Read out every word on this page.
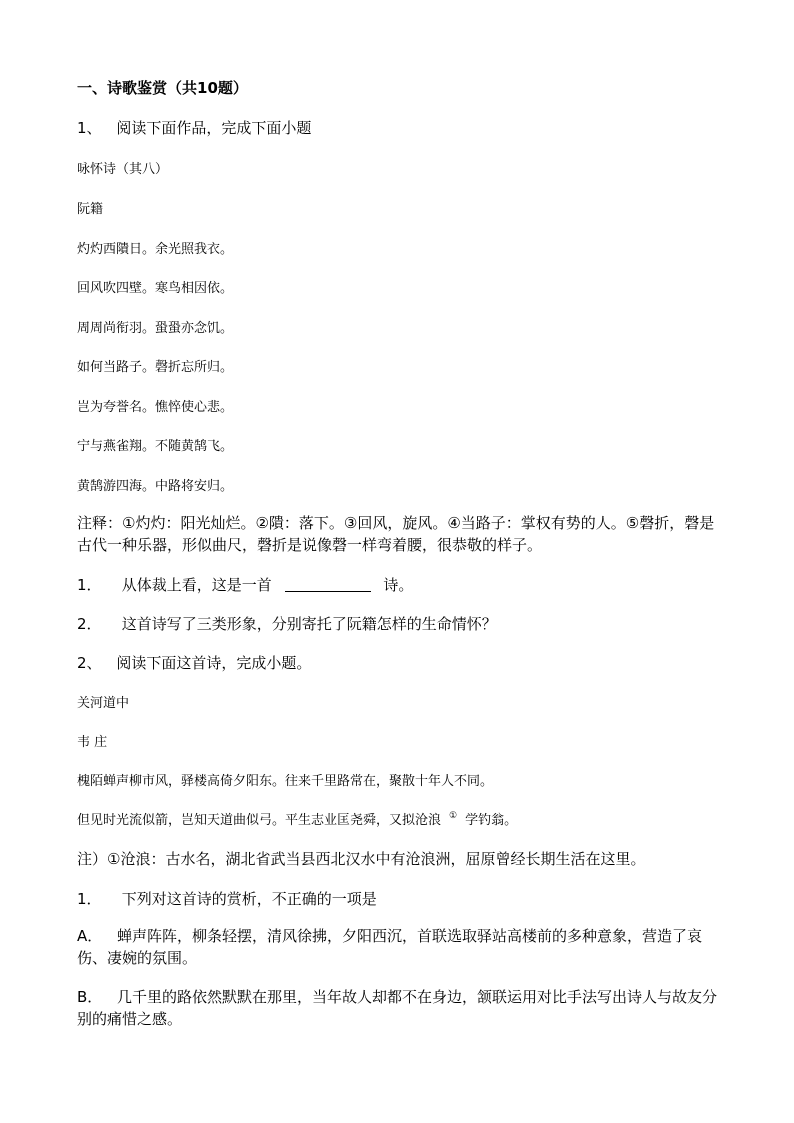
一、诗歌鉴赏（共10题）
1、 阅读下面作品，完成下面小题
咏怀诗（其八）
阮籍
灼灼西隤日。余光照我衣。
回风吹四壁。寒鸟相因依。
周周尚衔羽。蛩蛩亦念饥。
如何当路子。磬折忘所归。
岂为夸誉名。憔悴使心悲。
宁与燕雀翔。不随黄鹄飞。
黄鹄游四海。中路将安归。
注释：①灼灼：阳光灿烂。②隤：落下。③回风，旋风。④当路子：掌权有势的人。⑤磬折，磬是古代一种乐器，形似曲尺，磬折是说像磬一样弯着腰，很恭敬的样子。
1． 从体裁上看，这是一首	诗。
2． 这首诗写了三类形象，分别寄托了阮籍怎样的生命情怀？
2、 阅读下面这首诗，完成小题。
关河道中
韦 庄
槐陌蝉声柳市风，驿楼高倚夕阳东。往来千里路常在，聚散十年人不同。
但见时光流似箭，岂知天道曲似弓。平生志业匡尧舜，又拟沧浪 ① 学钓翁。
注）①沧浪：古水名，湖北省武当县西北汉水中有沧浪洲，屈原曾经长期生活在这里。
1． 下列对这首诗的赏析，不正确的一项是
A． 蝉声阵阵，柳条轻摆，清风徐拂，夕阳西沉，首联选取驿站高楼前的多种意象，营造了哀伤、凄婉的氛围。
B． 几千里的路依然默默在那里，当年故人却都不在身边，颔联运用对比手法写出诗人与故友分别的痛惜之感。
